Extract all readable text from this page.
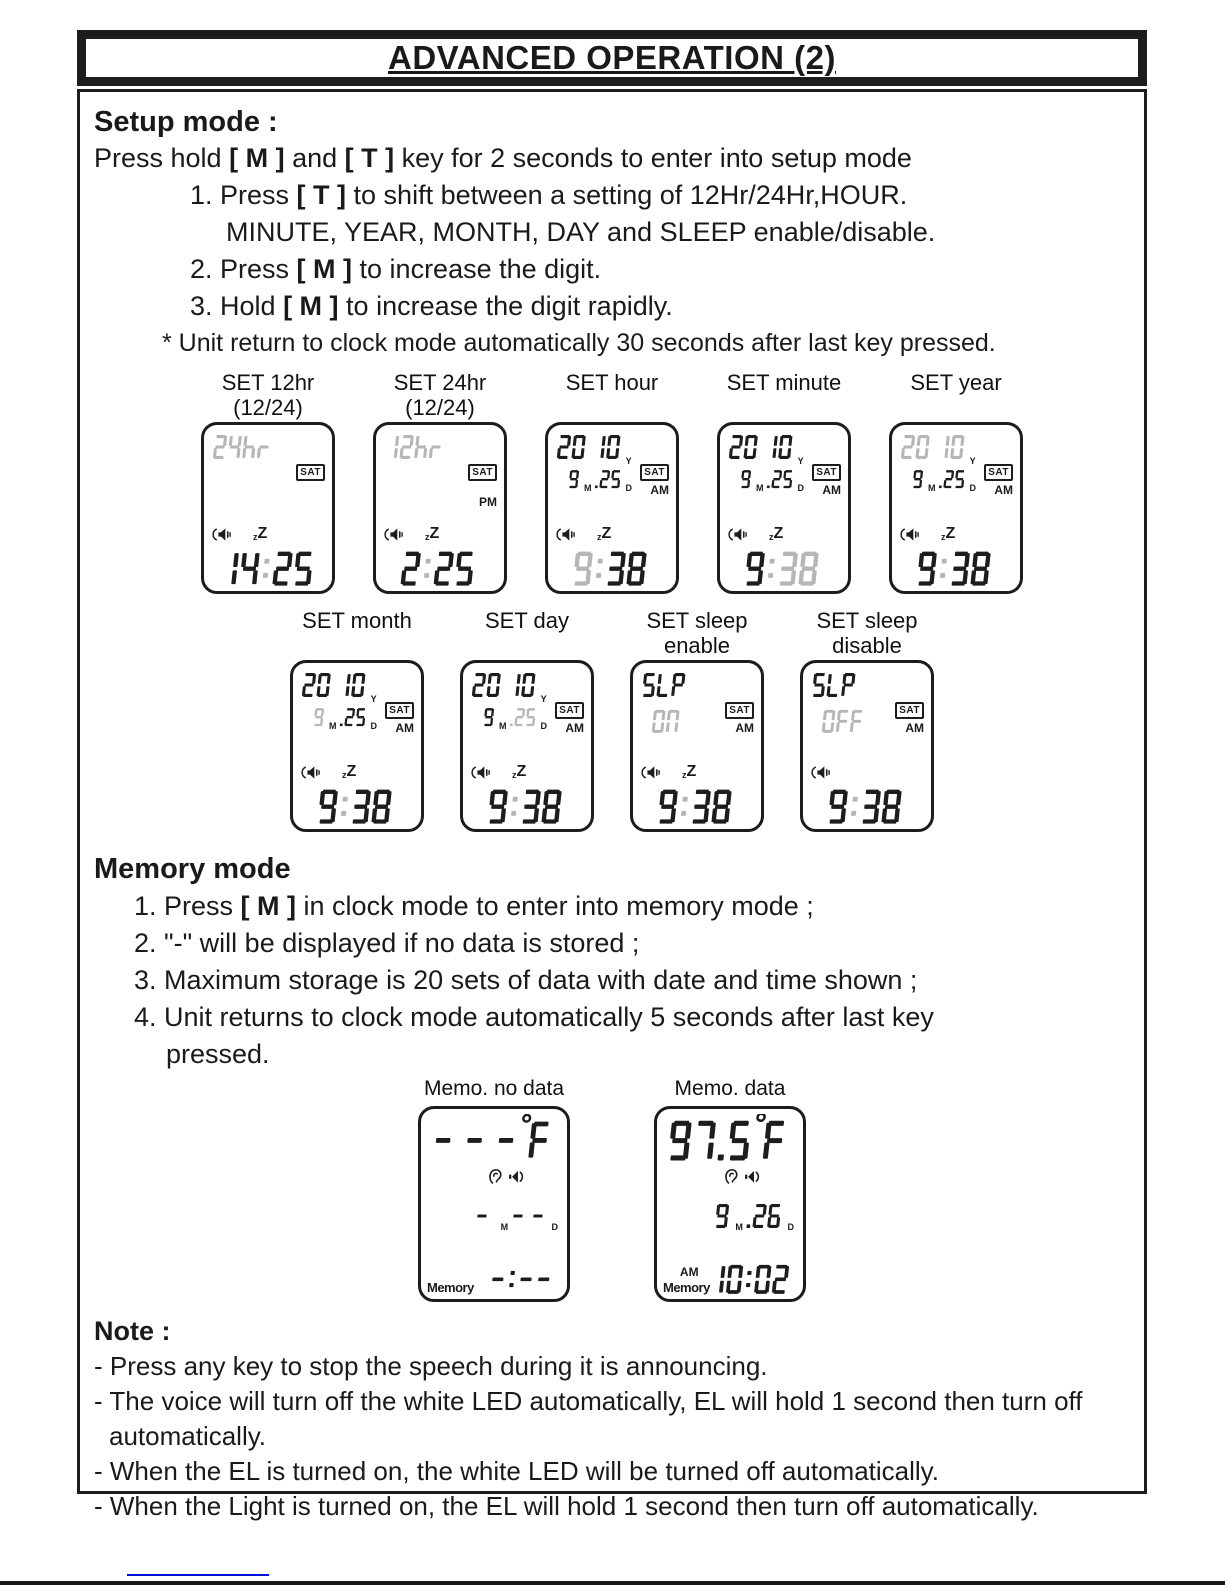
ADVANCED OPERATION (2)
Setup mode :
Press hold [ M ] and [ T ] key for 2 seconds to enter into setup mode
1. Press [ T ] to shift between a setting of 12Hr/24Hr,HOUR.
MINUTE, YEAR, MONTH, DAY and SLEEP enable/disable.
2. Press [ M ] to increase the digit.
3. Hold [ M ] to increase the digit rapidly.
* Unit return to clock mode automatically 30 seconds after last key pressed.
SET 12hr
(12/24)
z Z
SAT
SET 24hr
(12/24)
z Z
SAT
PM
SET hour
Y
M	D
z Z
SAT
AM
SET minute
Y
M	D
z Z
SAT
AM
SET year
Y
M	D
z Z
SAT
AM
SET month
Y
M	D
z Z
SAT
AM
SET day
Y
M	D
z Z
SAT
AM
SET sleep
enable
z Z
SAT
AM
SET sleep
disable
SAT
AM
Memory mode
1. Press [ M ] in clock mode to enter into memory mode ;
2. "-" will be displayed if no data is stored ;
3. Maximum storage is 20 sets of data with date and time shown ;
4. Unit returns to clock mode automatically 5 seconds after last key
pressed.
Memo. no data
M	D
Memory
Memo. data
M	D
AM
Memory
Note :
- Press any key to stop the speech during it is announcing.
- The voice will turn off the white LED automatically, EL will hold 1 second then turn off
automatically.
- When the EL is turned on, the white LED will be turned off automatically.
- When the Light is turned on, the EL will hold 1 second then turn off automatically.
